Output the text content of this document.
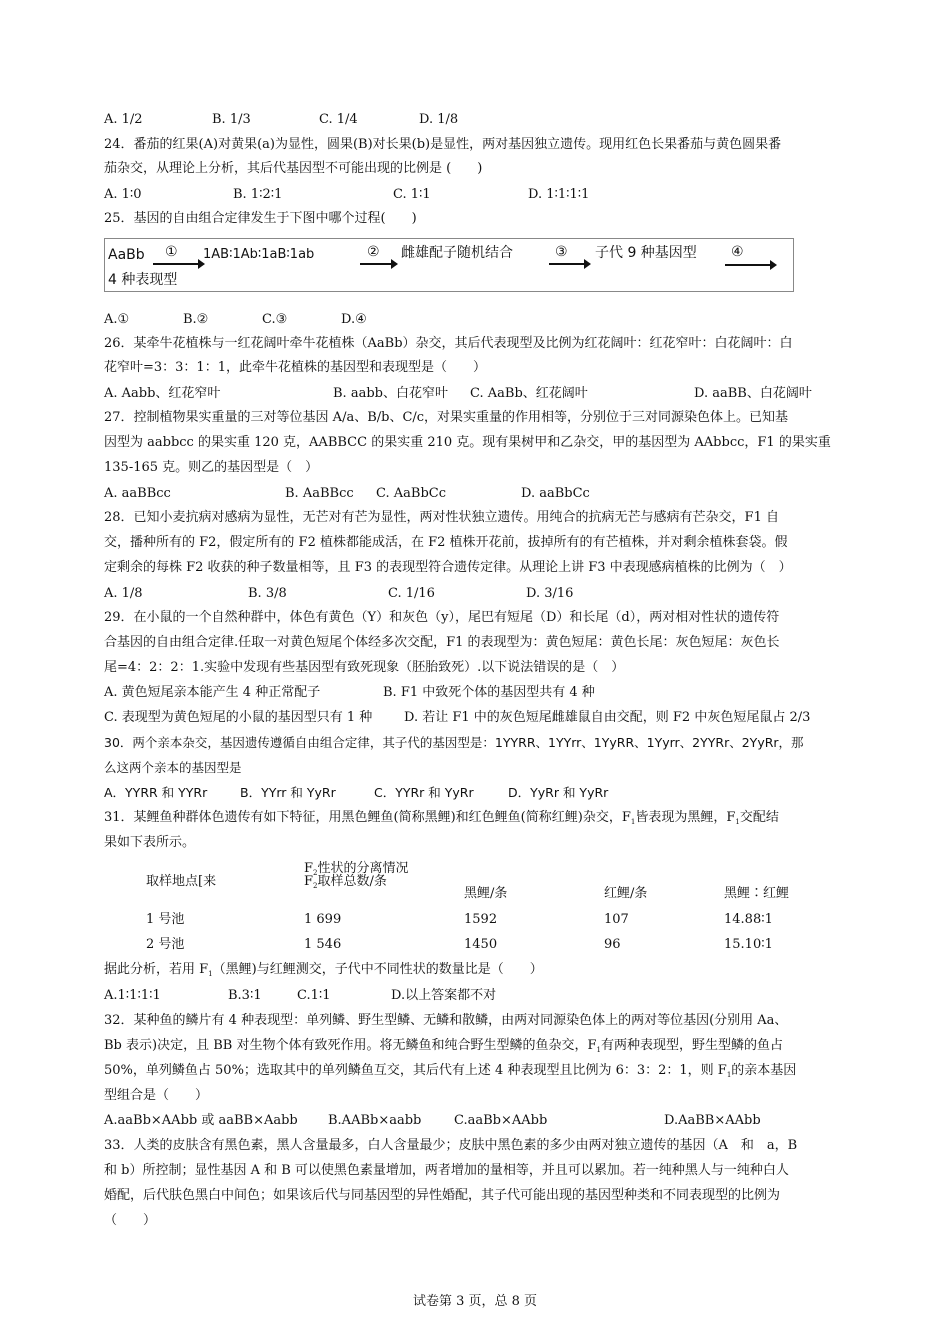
A. 1/2	B. 1/3	C. 1/4	D. 1/8
24．番茄的红果(A)对黄果(a)为显性，圆果(B)对长果(b)是显性，两对基因独立遗传。现用红色长果番茄与黄色圆果番
茄杂交，从理论上分析，其后代基因型不可能出现的比例是 (　　)
A. 1∶0	B. 1∶2∶1	C. 1∶1	D. 1∶1∶1∶1
25．基因的自由组合定律发生于下图中哪个过程(　　)
AaBb ① 1AB∶1Ab∶1aB∶1ab	② 雌雄配子随机结合	③ 子代 9 种基因型 ④
4 种表现型
A.①	B.②	C.③	D.④
26．某牵牛花植株与一红花阔叶牵牛花植株（AaBb）杂交，其后代表现型及比例为红花阔叶：红花窄叶：白花阔叶：白
花窄叶=3：3：1：1，此牵牛花植株的基因型和表现型是（　　）
A. Aabb、红花窄叶	B. aabb、白花窄叶 C. AaBb、红花阔叶	D. aaBB、白花阔叶
27．控制植物果实重量的三对等位基因 A/a、B/b、C/c，对果实重量的作用相等，分别位于三对同源染色体上。已知基
因型为 aabbcc 的果实重 120 克，AABBCC 的果实重 210 克。现有果树甲和乙杂交，甲的基因型为 AAbbcc，F1 的果实重
135-165 克。则乙的基因型是（　）
A. aaBBcc	B. AaBBcc C. AaBbCc	D. aaBbCc
28．已知小麦抗病对感病为显性，无芒对有芒为显性，两对性状独立遗传。用纯合的抗病无芒与感病有芒杂交，F1 自
交，播种所有的 F2，假定所有的 F2 植株都能成活，在 F2 植株开花前，拔掉所有的有芒植株，并对剩余植株套袋。假
定剩余的每株 F2 收获的种子数量相等，且 F3 的表现型符合遗传定律。从理论上讲 F3 中表现感病植株的比例为（　）
A. 1/8	B. 3/8	C. 1/16	D. 3/16
29．在小鼠的一个自然种群中，体色有黄色（Y）和灰色（y），尾巴有短尾（D）和长尾（d），两对相对性状的遗传符
合基因的自由组合定律.任取一对黄色短尾个体经多次交配，F1 的表现型为：黄色短尾：黄色长尾：灰色短尾：灰色长
尾=4：2：2：1.实验中发现有些基因型有致死现象（胚胎致死）.以下说法错误的是（　）
A. 黄色短尾亲本能产生 4 种正常配子	B. F1 中致死个体的基因型共有 4 种
C. 表现型为黄色短尾的小鼠的基因型只有 1 种 D. 若让 F1 中的灰色短尾雌雄鼠自由交配，则 F2 中灰色短尾鼠占 2/3
30．两个亲本杂交，基因遗传遵循自由组合定律，其子代的基因型是：1YYRR、1YYrr、1YyRR、1Yyrr、2YYRr、2YyRr，那
么这两个亲本的基因型是
A．YYRR 和 YYRr	B．YYrr 和 YyRr	C．YYRr 和 YyRr	D．YyRr 和 YyRr
31．某鲤鱼种群体色遗传有如下特征，用黑色鲤鱼(简称黑鲤)和红色鲤鱼(简称红鲤)杂交，$F_1$皆表现为黑鲤，$F_1$交配结
果如下表所示。
$F_2$性状的分离情况
取样地点[来	$F_2$取样总数/条
黑鲤/条	红鲤/条	黑鲤∶红鲤
1 号池	1 699	1592	107	14.88∶1
2 号池	1 546	1450	96	15.10∶1
据此分析，若用 $F_1$（黑鲤)与红鲤测交，子代中不同性状的数量比是（　　）
A.1∶1∶1∶1	B.3∶1	C.1∶1	D.以上答案都不对
32．某种鱼的鳞片有 4 种表现型：单列鳞、野生型鳞、无鳞和散鳞，由两对同源染色体上的两对等位基因(分别用 Aa、
Bb 表示)决定，且 BB 对生物个体有致死作用。将无鳞鱼和纯合野生型鳞的鱼杂交，$F_1$有两种表现型，野生型鳞的鱼占
50%，单列鳞鱼占 50%；选取其中的单列鳞鱼互交，其后代有上述 4 种表现型且比例为 6：3：2：1，则 $F_1$的亲本基因
型组合是（　　）
A.aaBb×AAbb 或 aaBB×Aabb B.AABb×aabb	C.aaBb×AAbb	D.AaBB×AAbb
33．人类的皮肤含有黑色素，黑人含量最多，白人含量最少；皮肤中黑色素的多少由两对独立遗传的基因（A　和　a，B
和 b）所控制；显性基因 A 和 B 可以使黑色素量增加，两者增加的量相等，并且可以累加。若一纯种黑人与一纯种白人
婚配，后代肤色黑白中间色；如果该后代与同基因型的异性婚配，其子代可能出现的基因型种类和不同表现型的比例为
（　　）
试卷第 3 页，总 8 页
